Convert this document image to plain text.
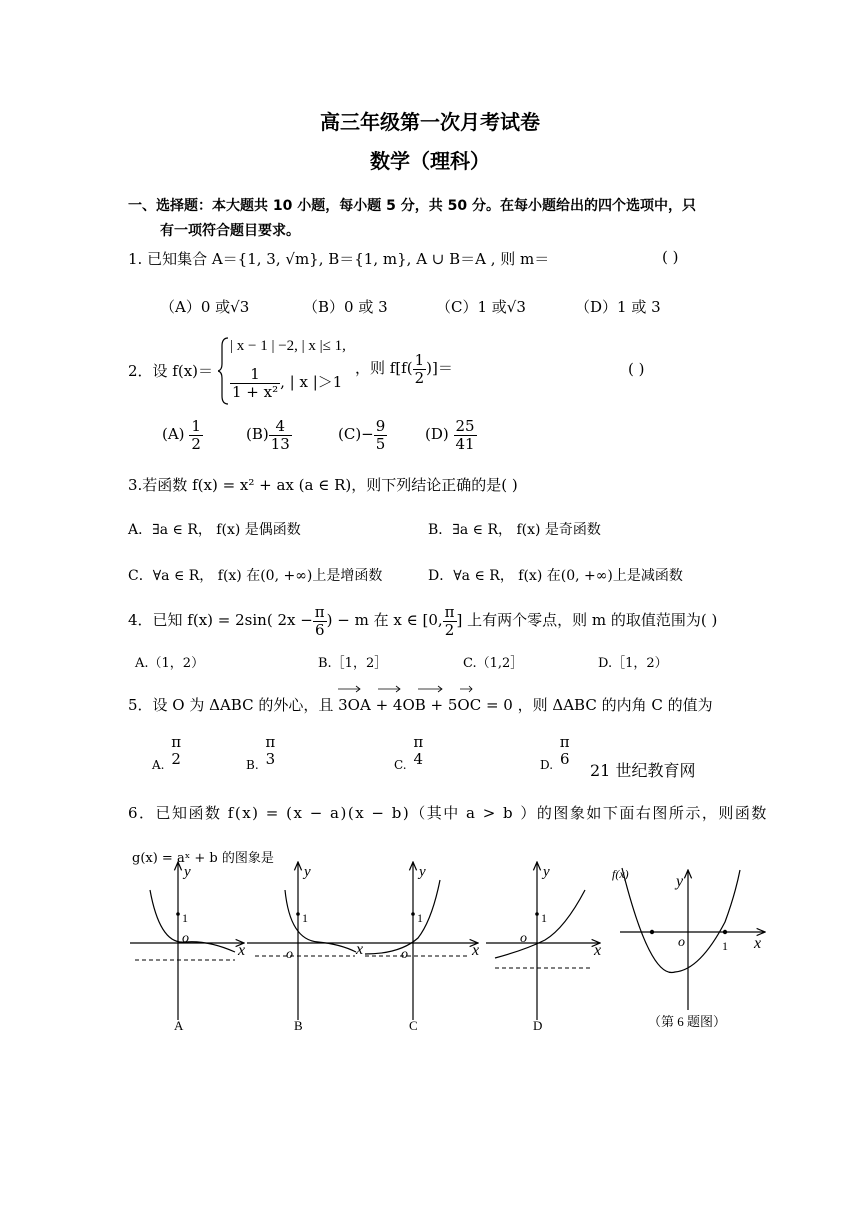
高三年级第一次月考试卷
数学（理科）
一、选择题：本大题共 10 小题，每小题 5 分，共 50 分。在每小题给出的四个选项中，只
有一项符合题目要求。
1. 已知集合 A＝{1, 3, √m}, B＝{1, m}, A ∪ B＝A , 则 m＝	( )
（A）0 或√3	（B）0 或 3	（C）1 或√3	（D）1 或 3
2．设 f(x)＝
| x − 1 | −2, | x |≤ 1,
$\frac{1}{\text{1 + x²}}$ , | x |＞1
，则 $f[f( \frac{1}{2}$ )]＝	( )
$(A) \frac{1}{2}$	$(B) \frac{4}{13}$	$(C)- \frac{9}{5}$	$(D) \frac{25}{41}$
3.若函数 f(x) = x² + ax (a ∈ R)，则下列结论正确的是( )
A．∃a ∈ R， f(x) 是偶函数	B．∃a ∈ R， f(x) 是奇函数
C．∀a ∈ R， f(x) 在(0, +∞)上是增函数	D．∀a ∈ R， f(x) 在(0, +∞)上是减函数
4．已知 f(x) = 2sin( $2x - \frac{\pi}{6}$ ) − m 在 x ∈ [0, $\frac{\pi}{2}$ ] 上有两个零点，则 m 的取值范围为( )
A.（1，2）	B.［1，2］	C.（1,2］	D.［1，2）
5．设 O 为 ΔABC 的外心，且 3OA + 4OB + 5OC = 0 ，则 ΔABC 的内角 C 的值为
$_{A.}$
π
2	$_{B.}$
π
3	$_{C.}$
π
4	$_{D.}$
π
6
21 世纪教育网
6．已知函数 f(x) = (x − a)(x − b)（其中 a > b ）的图象如下面右图所示，则函数
g(x) = aˣ + b 的图象是
x
y
o
1
A
y
o
1
B
x	x
y
o
1
C
x
y
o
1
D
f(x)	y
x
o	1
（第 6 题图）
